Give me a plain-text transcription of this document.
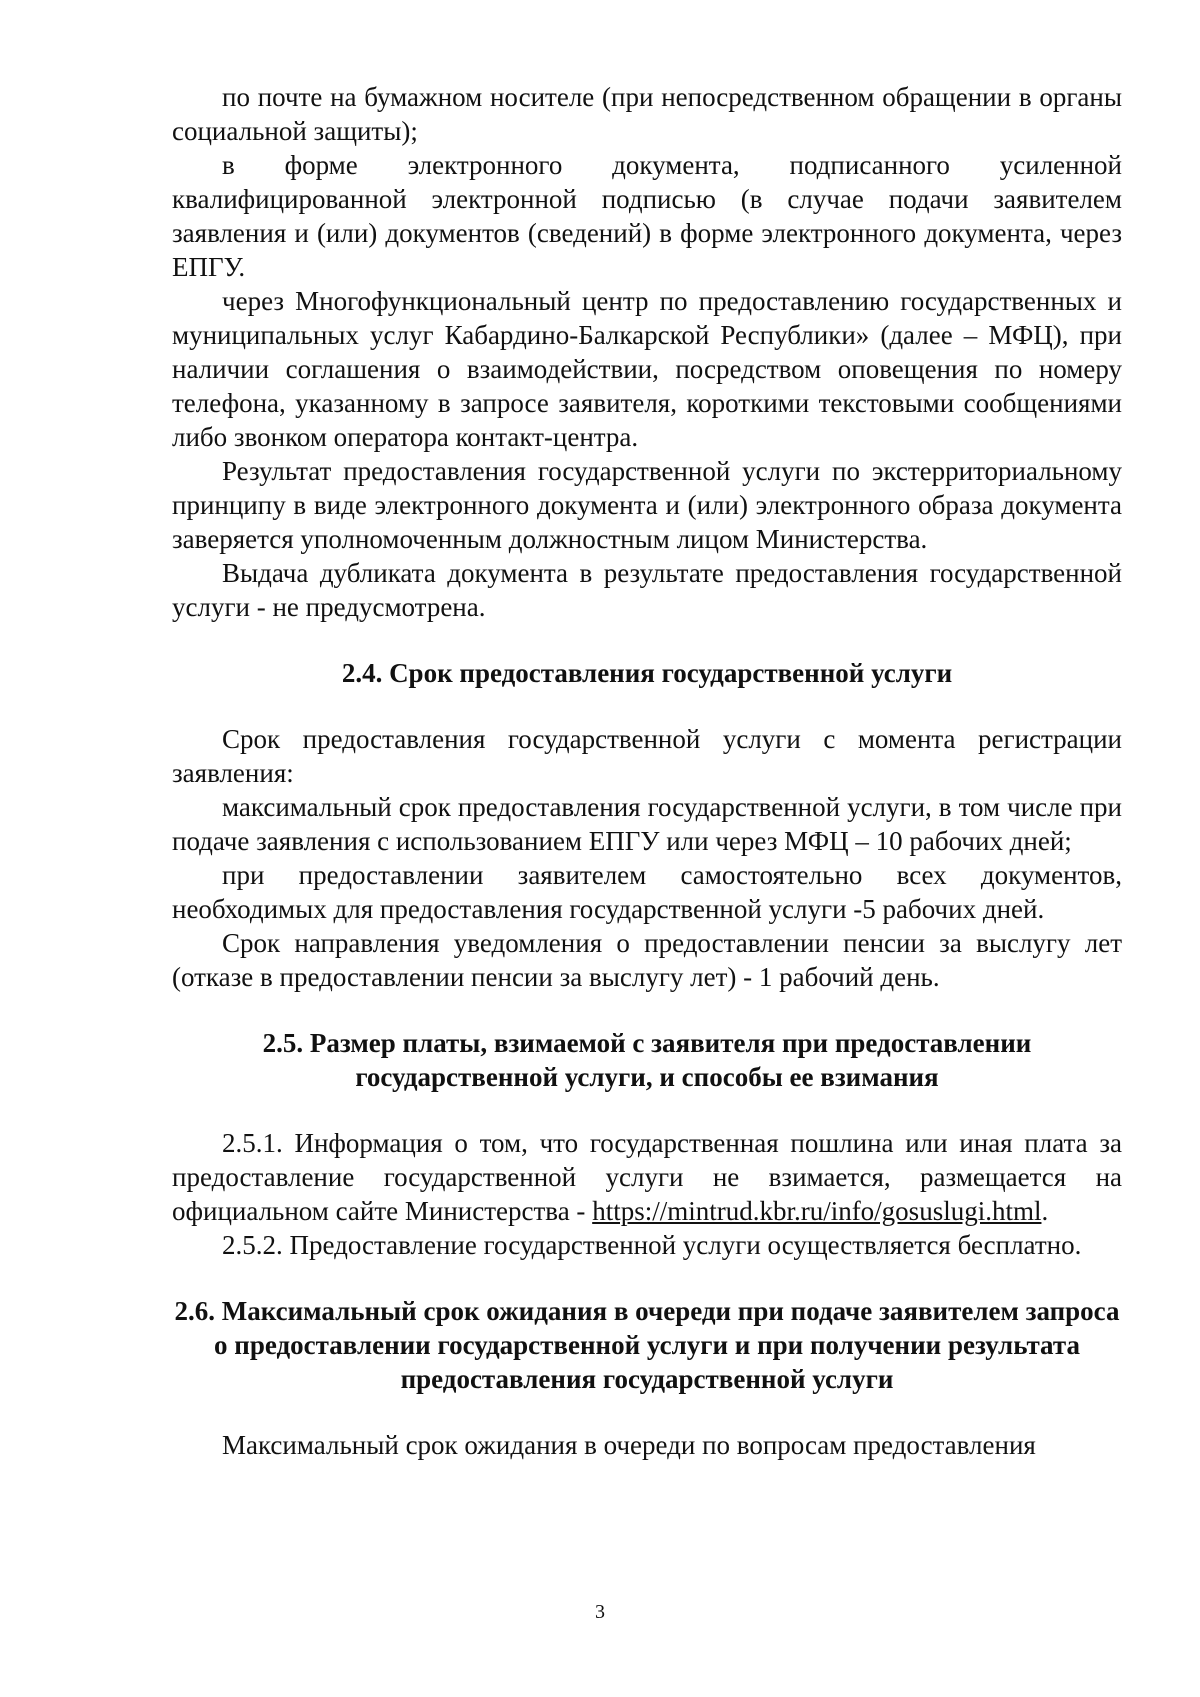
по почте на бумажном носителе (при непосредственном обращении в органы социальной защиты);

в форме электронного документа, подписанного усиленной квалифицированной электронной подписью (в случае подачи заявителем заявления и (или) документов (сведений) в форме электронного документа, через ЕПГУ.

через Многофункциональный центр по предоставлению государственных и муниципальных услуг Кабардино-Балкарской Республики» (далее – МФЦ), при наличии соглашения о взаимодействии, посредством оповещения по номеру телефона, указанному в запросе заявителя, короткими текстовыми сообщениями либо звонком оператора контакт-центра.

Результат предоставления государственной услуги по экстерриториальному принципу в виде электронного документа и (или) электронного образа документа заверяется уполномоченным должностным лицом Министерства.

Выдача дубликата документа в результате предоставления государственной услуги - не предусмотрена.

2.4. Срок предоставления государственной услуги

Срок предоставления государственной услуги с момента регистрации заявления:

максимальный срок предоставления государственной услуги, в том числе при подаче заявления с использованием ЕПГУ или через МФЦ – 10 рабочих дней;

при предоставлении заявителем самостоятельно всех документов, необходимых для предоставления государственной услуги -5 рабочих дней.

Срок направления уведомления о предоставлении пенсии за выслугу лет (отказе в предоставлении пенсии за выслугу лет) - 1 рабочий день.

2.5. Размер платы, взимаемой с заявителя при предоставлении государственной услуги, и способы ее взимания

2.5.1. Информация о том, что государственная пошлина или иная плата за предоставление государственной услуги не взимается, размещается на официальном сайте Министерства - https://mintrud.kbr.ru/info/gosuslugi.html.

2.5.2. Предоставление государственной услуги осуществляется бесплатно.

2.6. Максимальный срок ожидания в очереди при подаче заявителем запроса о предоставлении государственной услуги и при получении результата предоставления государственной услуги

Максимальный срок ожидания в очереди по вопросам предоставления

3
